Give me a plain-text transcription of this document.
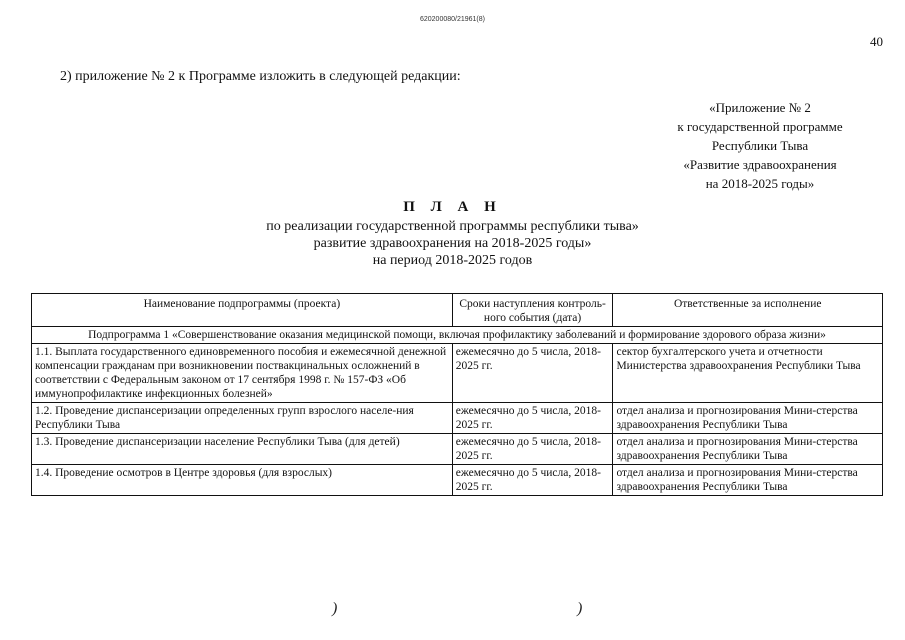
620200080/21961(8)
40
2) приложение № 2 к Программе изложить в следующей редакции:
«Приложение № 2
к государственной программе
Республики Тыва
«Развитие здравоохранения
на 2018-2025 годы»
П Л А Н
по реализации государственной программы республики тыва»
развитие здравоохранения на 2018-2025 годы»
на период 2018-2025 годов
Наименование подпрограммы (проекта)	Сроки наступления контроль-ного события (дата)	Ответственные за исполнение
Подпрограмма 1 «Совершенствование оказания медицинской помощи, включая профилактику заболеваний и формирование здорового образа жизни»		
1.1. Выплата государственного единовременного пособия и ежемесячной денежной компенсации гражданам при возникновении поствакцинальных осложнений в соответствии с Федеральным законом от 17 сентября 1998 г. № 157-ФЗ «Об иммунопрофилактике инфекционных болезней»	ежемесячно до 5 числа, 2018-2025 гг.	сектор бухгалтерского учета и отчетности Министерства здравоохранения Республики Тыва
1.2. Проведение диспансеризации определенных групп взрослого населе-ния Республики Тыва	ежемесячно до 5 числа, 2018-2025 гг.	отдел анализа и прогнозирования Мини-стерства здравоохранения Республики Тыва
1.3. Проведение диспансеризации население Республики Тыва (для детей)	ежемесячно до 5 числа, 2018-2025 гг.	отдел анализа и прогнозирования Мини-стерства здравоохранения Республики Тыва
1.4. Проведение осмотров в Центре здоровья (для взрослых)	ежемесячно до 5 числа, 2018-2025 гг.	отдел анализа и прогнозирования Мини-стерства здравоохранения Республики Тыва
)	)
